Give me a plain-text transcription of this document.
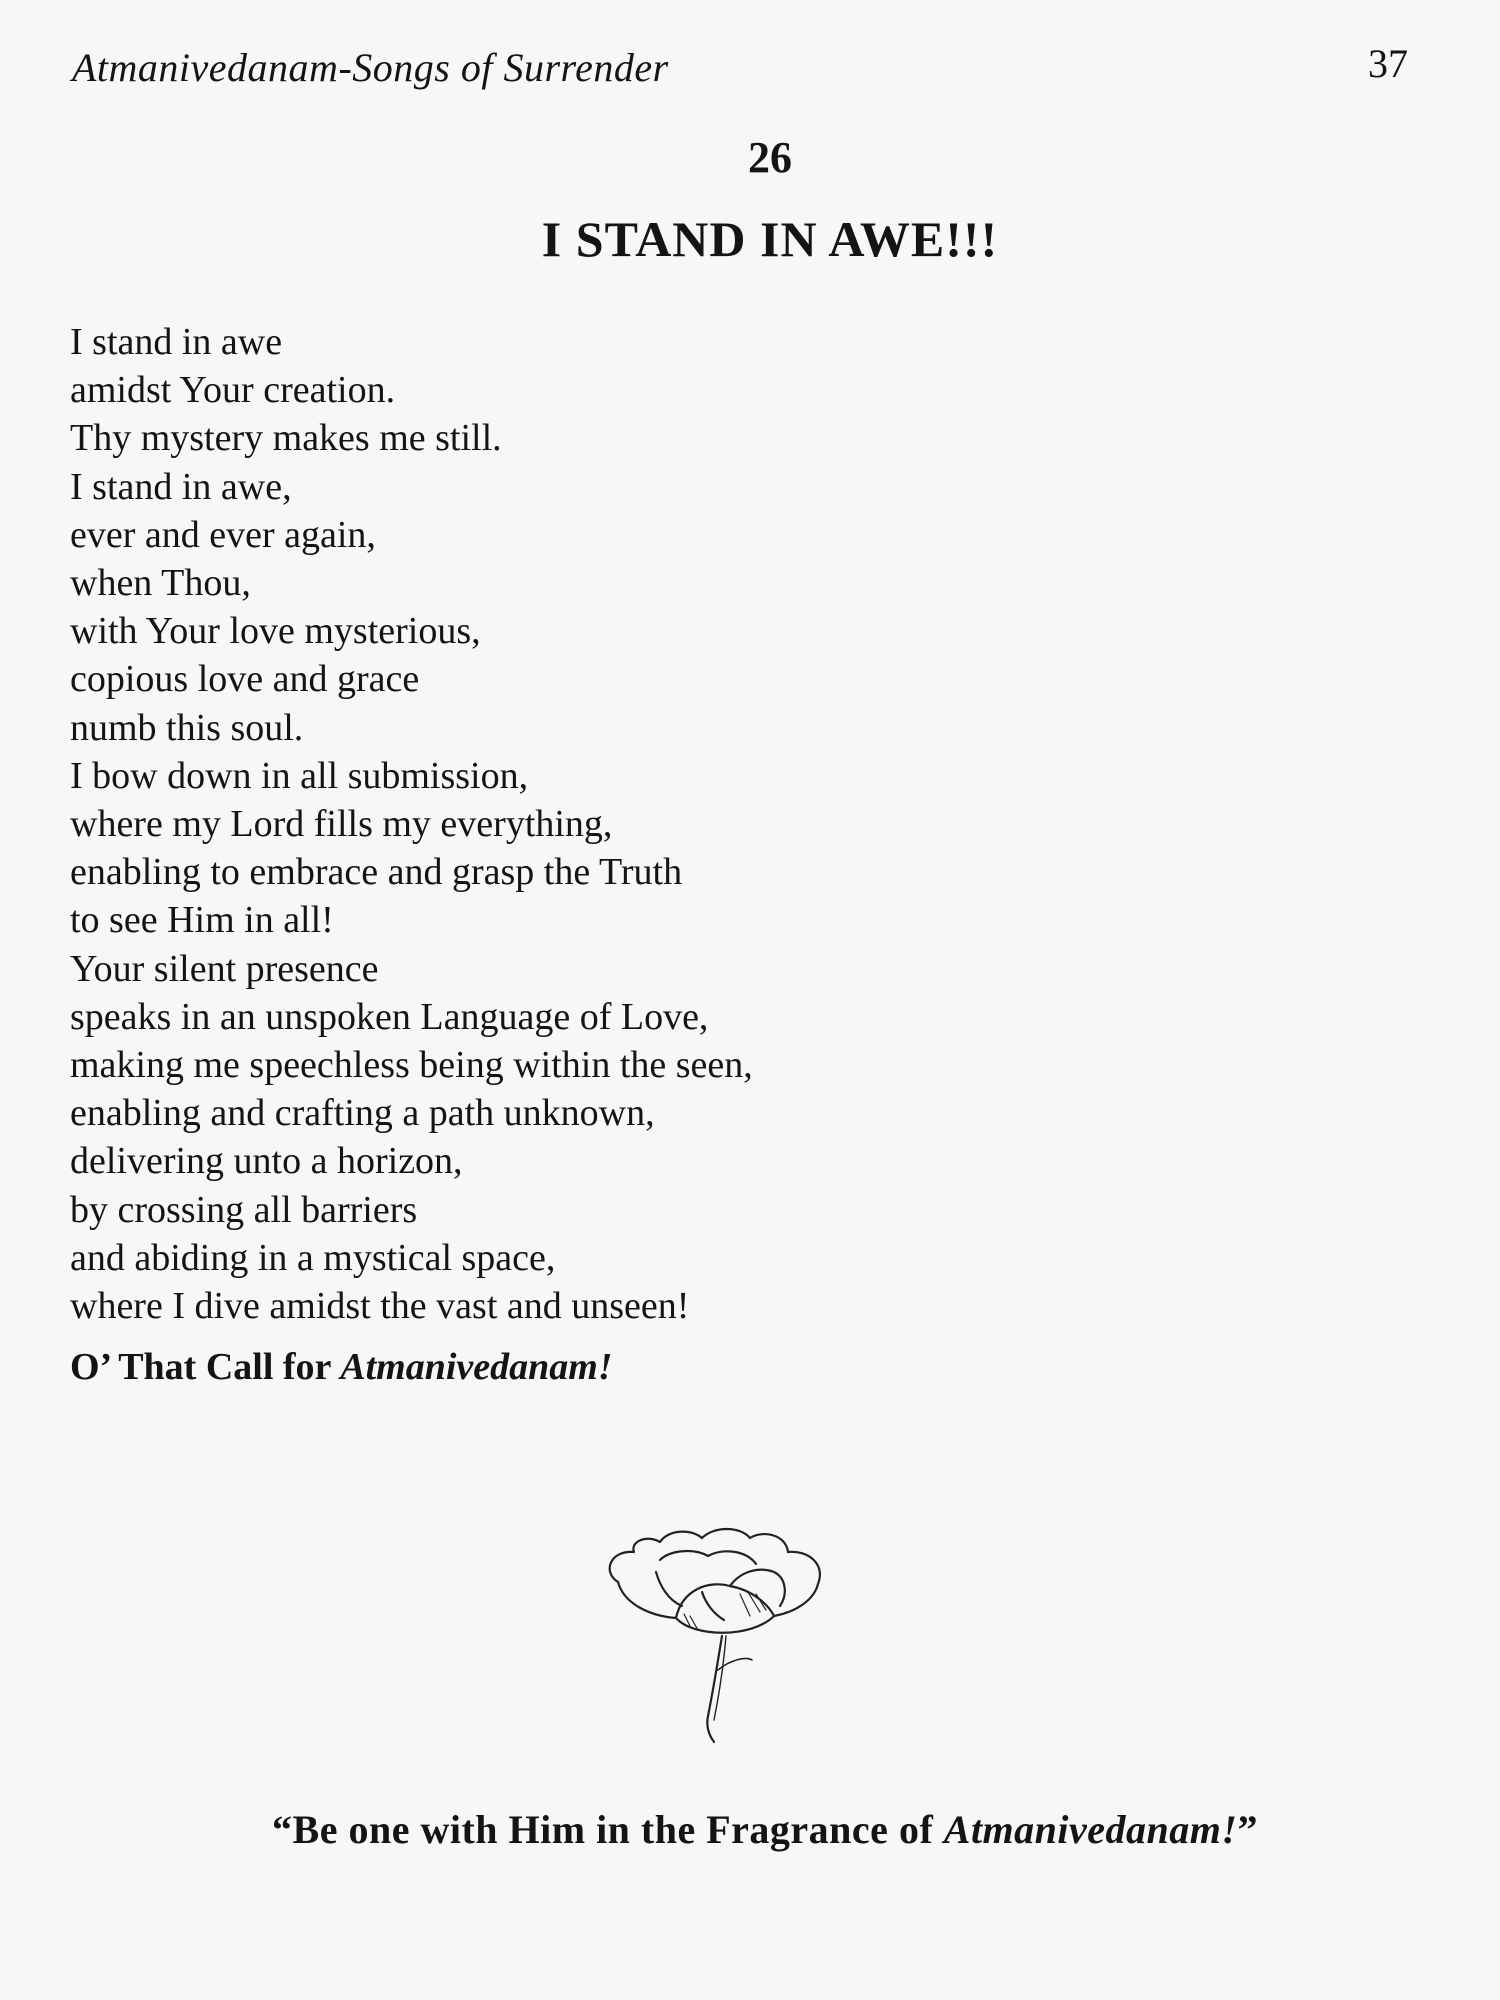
Atmanivedanam-Songs of Surrender	37
26
I STAND IN AWE!!!
I stand in awe
amidst Your creation.
Thy mystery makes me still.
I stand in awe,
ever and ever again,
when Thou,
with Your love mysterious,
copious love and grace
numb this soul.
I bow down in all submission,
where my Lord fills my everything,
enabling to embrace and grasp the Truth
to see Him in all!
Your silent presence
speaks in an unspoken Language of Love,
making me speechless being within the seen,
enabling and crafting a path unknown,
delivering unto a horizon,
by crossing all barriers
and abiding in a mystical space,
where I dive amidst the vast and unseen!
O’ That Call for Atmanivedanam!
“Be one with Him in the Fragrance of Atmanivedanam!”
